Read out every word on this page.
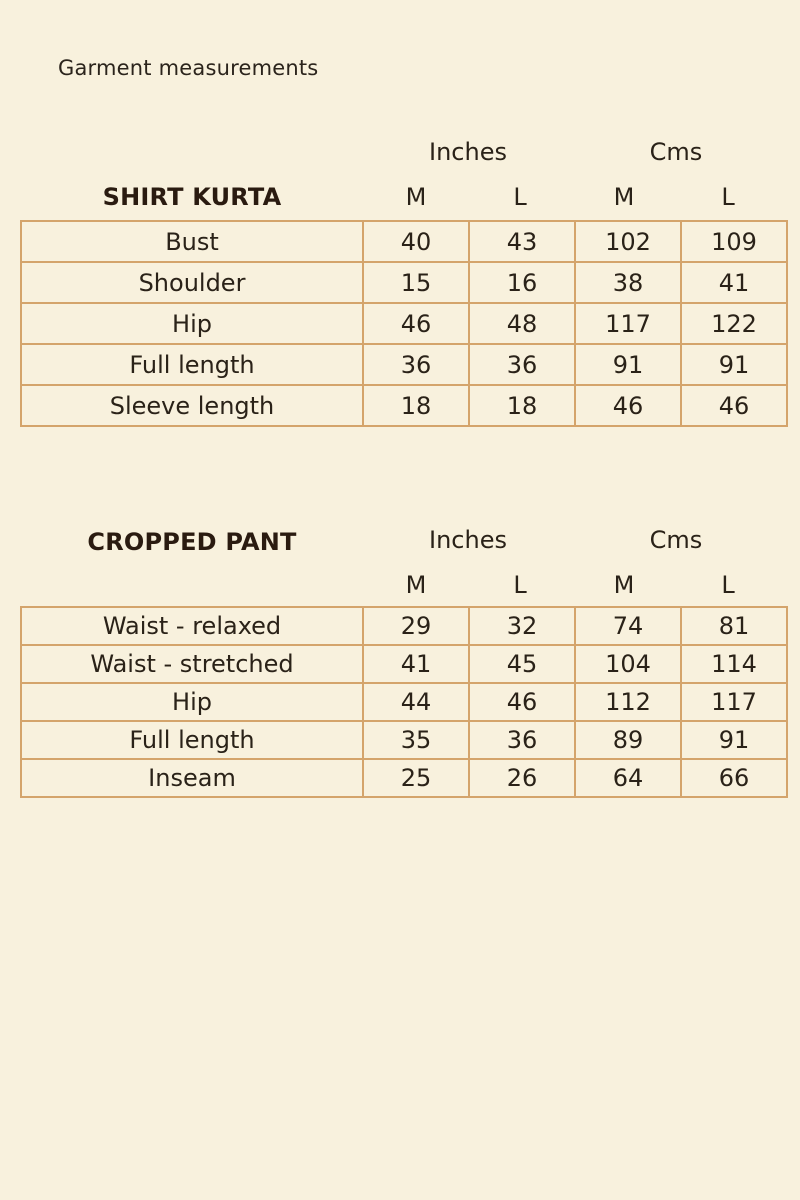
Garment measurements
Inches	Cms
SHIRT KURTA	M	L	M	L
Bust	40	43	102	109
Shoulder	15	16	38	41
Hip	46	48	117	122
Full length	36	36	91	91
Sleeve length	18	18	46	46
CROPPED PANT	Inches	Cms
M	L	M	L
Waist - relaxed	29	32	74	81
Waist - stretched	41	45	104	114
Hip	44	46	112	117
Full length	35	36	89	91
Inseam	25	26	64	66
